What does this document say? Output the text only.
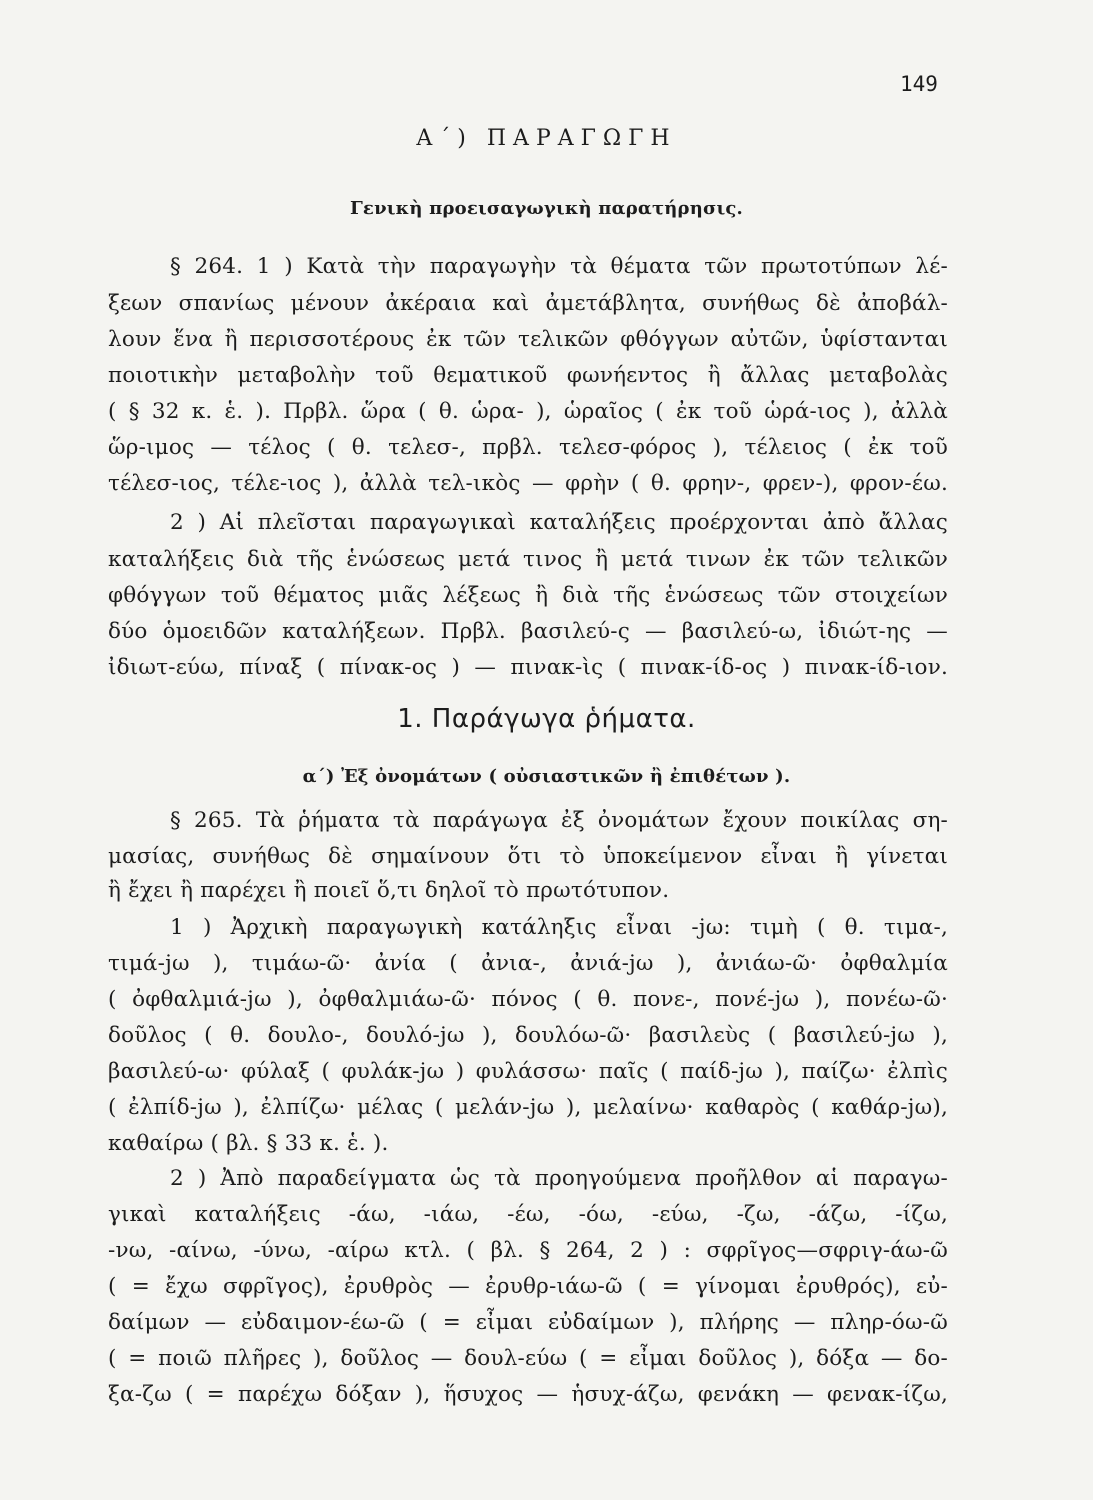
149
Α΄) ΠΑΡΑΓΩΓΗ
Γενικὴ προεισαγωγικὴ παρατήρησις.
§ 264. 1 ) Κατὰ τὴν παραγωγὴν τὰ θέματα τῶν πρωτοτύπων λέ-
ξεων σπανίως μένουν ἀκέραια καὶ ἀμετάβλητα, συνήθως δὲ ἀποβάλ-
λουν ἕνα ἢ περισσοτέρους ἐκ τῶν τελικῶν φθόγγων αὐτῶν, ὑφίστανται
ποιοτικὴν μεταβολὴν τοῦ θεματικοῦ φωνήεντος ἢ ἄλλας μεταβολὰς
( § 32 κ. ἑ. ). Πρβλ. ὥρα ( θ. ὡρα- ), ὡραῖος ( ἐκ τοῦ ὡρά-ιος ), ἀλλὰ
ὥρ-ιμος — τέλος ( θ. τελεσ-, πρβλ. τελεσ-φόρος ), τέλειος ( ἐκ τοῦ
τέλεσ-ιος, τέλε-ιος ), ἀλλὰ τελ-ικὸς — φρὴν ( θ. φρην-, φρεν-), φρον-έω.
2 ) Αἱ πλεῖσται παραγωγικαὶ καταλήξεις προέρχονται ἀπὸ ἄλλας
καταλήξεις διὰ τῆς ἑνώσεως μετά τινος ἢ μετά τινων ἐκ τῶν τελικῶν
φθόγγων τοῦ θέματος μιᾶς λέξεως ἢ διὰ τῆς ἑνώσεως τῶν στοιχείων
δύο ὁμοειδῶν καταλήξεων. Πρβλ. βασιλεύ-ς — βασιλεύ-ω, ἰδιώτ-ης —
ἰδιωτ-εύω, πίναξ ( πίνακ-ος ) — πινακ-ὶς ( πινακ-ίδ-ος ) πινακ-ίδ-ιον.
1. Παράγωγα ῥήματα.
α΄) Ἐξ ὀνομάτων ( οὐσιαστικῶν ἢ ἐπιθέτων ).
§ 265. Τὰ ῥήματα τὰ παράγωγα ἐξ ὀνομάτων ἔχουν ποικίλας ση-
μασίας, συνήθως δὲ σημαίνουν ὅτι τὸ ὑποκείμενον εἶναι ἢ γίνεται
ἢ ἔχει ἢ παρέχει ἢ ποιεῖ ὅ,τι δηλοῖ τὸ πρωτότυπον.
1 ) Ἀρχικὴ παραγωγικὴ κατάληξις εἶναι -jω: τιμὴ ( θ. τιμα-,
τιμά-jω ), τιμάω-ῶ· ἀνία ( ἀνια-, ἀνιά-jω ), ἀνιάω-ῶ· ὀφθαλμία
( ὀφθαλμιά-jω ), ὀφθαλμιάω-ῶ· πόνος ( θ. πονε-, πονέ-jω ), πονέω-ῶ·
δοῦλος ( θ. δουλο-, δουλό-jω ), δουλόω-ῶ· βασιλεὺς ( βασιλεύ-jω ),
βασιλεύ-ω· φύλαξ ( φυλάκ-jω ) φυλάσσω· παῖς ( παίδ-jω ), παίζω· ἐλπὶς
( ἐλπίδ-jω ), ἐλπίζω· μέλας ( μελάν-jω ), μελαίνω· καθαρὸς ( καθάρ-jω),
καθαίρω ( βλ. § 33 κ. ἑ. ).
2 ) Ἀπὸ παραδείγματα ὡς τὰ προηγούμενα προῆλθον αἱ παραγω-
γικαὶ καταλήξεις -άω, -ιάω, -έω, -όω, -εύω, -ζω, -άζω, -ίζω,
-νω, -αίνω, -ύνω, -αίρω κτλ. ( βλ. § 264, 2 ) : σφρῖγος—σφριγ-άω-ῶ
( = ἔχω σφρῖγος), ἐρυθρὸς — ἐρυθρ-ιάω-ῶ ( = γίνομαι ἐρυθρός), εὐ-
δαίμων — εὐδαιμον-έω-ῶ ( = εἶμαι εὐδαίμων ), πλήρης — πληρ-όω-ῶ
( = ποιῶ πλῆρες ), δοῦλος — δουλ-εύω ( = εἶμαι δοῦλος ), δόξα — δο-
ξα-ζω ( = παρέχω δόξαν ), ἥσυχος — ἡσυχ-άζω, φενάκη — φενακ-ίζω,
